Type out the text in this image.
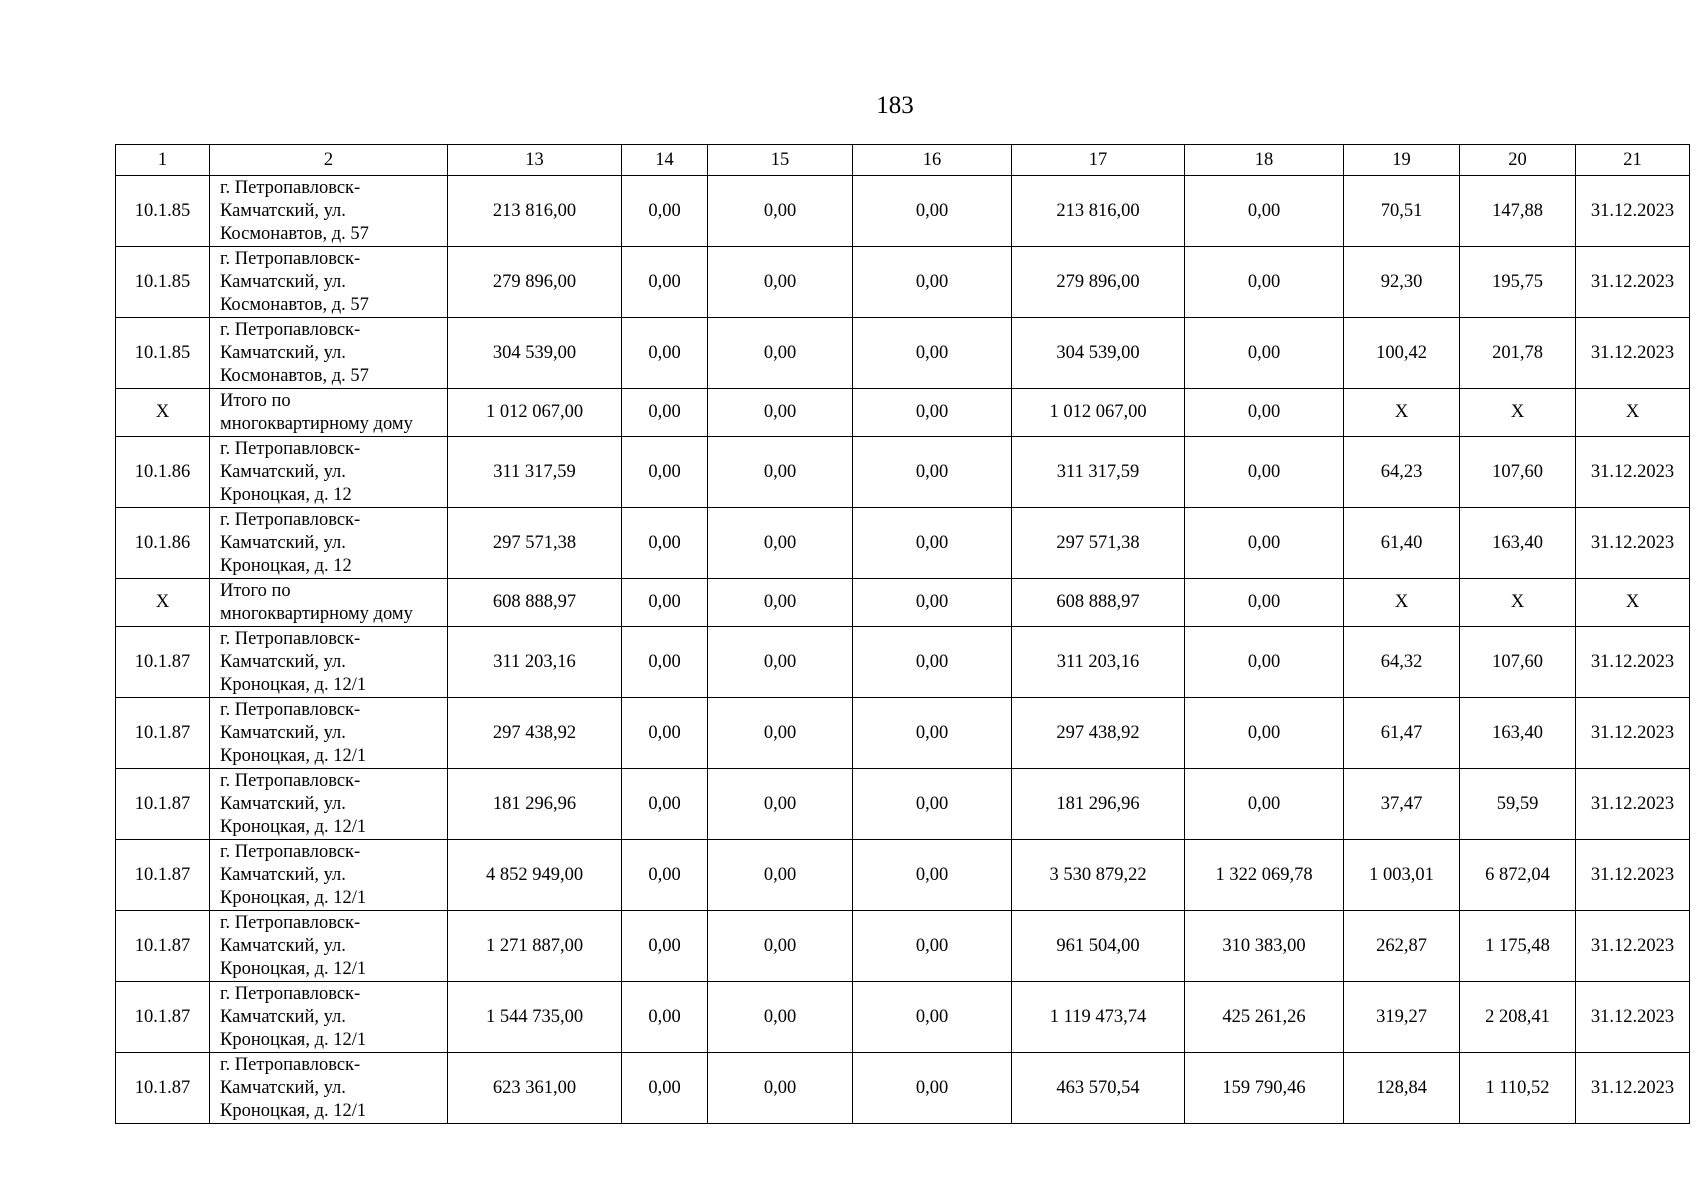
183
1	2	13	14	15	16	17	18	19	20	21
10.1.85	г. Петропавловск-
Камчатский, ул.
Космонавтов, д. 57	213 816,00	0,00	0,00	0,00	213 816,00	0,00	70,51	147,88	31.12.2023
10.1.85	г. Петропавловск-
Камчатский, ул.
Космонавтов, д. 57	279 896,00	0,00	0,00	0,00	279 896,00	0,00	92,30	195,75	31.12.2023
10.1.85	г. Петропавловск-
Камчатский, ул.
Космонавтов, д. 57	304 539,00	0,00	0,00	0,00	304 539,00	0,00	100,42	201,78	31.12.2023
X	Итого по
многоквартирному дому	1 012 067,00	0,00	0,00	0,00	1 012 067,00	0,00	X	X	X
10.1.86	г. Петропавловск-
Камчатский, ул.
Кроноцкая, д. 12	311 317,59	0,00	0,00	0,00	311 317,59	0,00	64,23	107,60	31.12.2023
10.1.86	г. Петропавловск-
Камчатский, ул.
Кроноцкая, д. 12	297 571,38	0,00	0,00	0,00	297 571,38	0,00	61,40	163,40	31.12.2023
X	Итого по
многоквартирному дому	608 888,97	0,00	0,00	0,00	608 888,97	0,00	X	X	X
10.1.87	г. Петропавловск-
Камчатский, ул.
Кроноцкая, д. 12/1	311 203,16	0,00	0,00	0,00	311 203,16	0,00	64,32	107,60	31.12.2023
10.1.87	г. Петропавловск-
Камчатский, ул.
Кроноцкая, д. 12/1	297 438,92	0,00	0,00	0,00	297 438,92	0,00	61,47	163,40	31.12.2023
10.1.87	г. Петропавловск-
Камчатский, ул.
Кроноцкая, д. 12/1	181 296,96	0,00	0,00	0,00	181 296,96	0,00	37,47	59,59	31.12.2023
10.1.87	г. Петропавловск-
Камчатский, ул.
Кроноцкая, д. 12/1	4 852 949,00	0,00	0,00	0,00	3 530 879,22	1 322 069,78	1 003,01	6 872,04	31.12.2023
10.1.87	г. Петропавловск-
Камчатский, ул.
Кроноцкая, д. 12/1	1 271 887,00	0,00	0,00	0,00	961 504,00	310 383,00	262,87	1 175,48	31.12.2023
10.1.87	г. Петропавловск-
Камчатский, ул.
Кроноцкая, д. 12/1	1 544 735,00	0,00	0,00	0,00	1 119 473,74	425 261,26	319,27	2 208,41	31.12.2023
10.1.87	г. Петропавловск-
Камчатский, ул.
Кроноцкая, д. 12/1	623 361,00	0,00	0,00	0,00	463 570,54	159 790,46	128,84	1 110,52	31.12.2023
